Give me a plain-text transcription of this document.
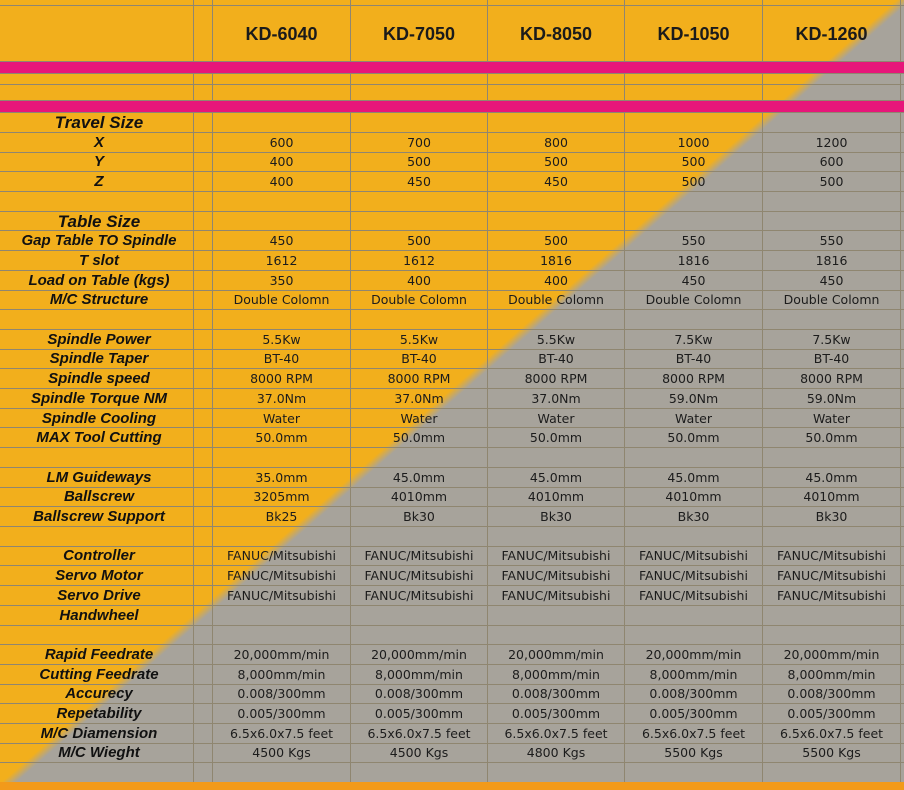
KD-6040	KD-7050	KD-8050	KD-1050	KD-1260
Travel Size
X	600	700	800	1000	1200
Y	400	500	500	500	600
Z	400	450	450	500	500
Table Size
Gap Table TO Spindle	450	500	500	550	550
T slot	1612	1612	1816	1816	1816
Load on Table (kgs)	350	400	400	450	450
M/C Structure	Double Colomn	Double Colomn	Double Colomn	Double Colomn	Double Colomn
Spindle Power	5.5Kw	5.5Kw	5.5Kw	7.5Kw	7.5Kw
Spindle Taper	BT-40	BT-40	BT-40	BT-40	BT-40
Spindle speed	8000 RPM	8000 RPM	8000 RPM	8000 RPM	8000 RPM
Spindle Torque NM	37.0Nm	37.0Nm	37.0Nm	59.0Nm	59.0Nm
Spindle Cooling	Water	Water	Water	Water	Water
MAX Tool Cutting	50.0mm	50.0mm	50.0mm	50.0mm	50.0mm
LM Guideways	35.0mm	45.0mm	45.0mm	45.0mm	45.0mm
Ballscrew	3205mm	4010mm	4010mm	4010mm	4010mm
Ballscrew Support	Bk25	Bk30	Bk30	Bk30	Bk30
Controller	FANUC/Mitsubishi	FANUC/Mitsubishi	FANUC/Mitsubishi	FANUC/Mitsubishi	FANUC/Mitsubishi
Servo Motor	FANUC/Mitsubishi	FANUC/Mitsubishi	FANUC/Mitsubishi	FANUC/Mitsubishi	FANUC/Mitsubishi
Servo Drive	FANUC/Mitsubishi	FANUC/Mitsubishi	FANUC/Mitsubishi	FANUC/Mitsubishi	FANUC/Mitsubishi
Handwheel
Rapid Feedrate	20,000mm/min	20,000mm/min	20,000mm/min	20,000mm/min	20,000mm/min
Cutting Feedrate	8,000mm/min	8,000mm/min	8,000mm/min	8,000mm/min	8,000mm/min
Accurecy	0.008/300mm	0.008/300mm	0.008/300mm	0.008/300mm	0.008/300mm
Repetability	0.005/300mm	0.005/300mm	0.005/300mm	0.005/300mm	0.005/300mm
M/C Diamension	6.5x6.0x7.5 feet	6.5x6.0x7.5 feet	6.5x6.0x7.5 feet	6.5x6.0x7.5 feet	6.5x6.0x7.5 feet
M/C Wieght	4500 Kgs	4500 Kgs	4800 Kgs	5500 Kgs	5500 Kgs
